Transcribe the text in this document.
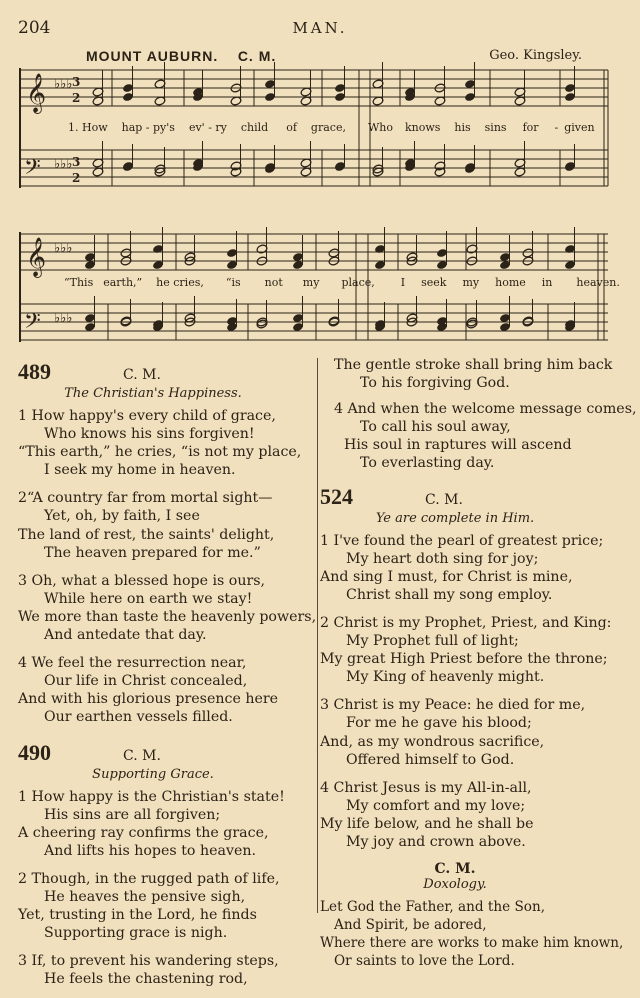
204	MAN.
MOUNT AUBURN. C. M.	Geo. Kingsley.
𝄞
𝄢
𝄞
𝄢
♭♭♭
♭♭♭
♭♭♭
♭♭♭
3
2
3
2
1. How hap - py's ev' - ry child of grace, Who knows his sins for - given
“This earth,” he cries, “is not my place, I seek my home in heaven.
489	C. M.
The Christian's Happiness.
1 How happy's every child of grace,
Who knows his sins forgiven!
“This earth,” he cries, “is not my place,
I seek my home in heaven.
2“A country far from mortal sight—
Yet, oh, by faith, I see
The land of rest, the saints' delight,
The heaven prepared for me.”
3 Oh, what a blessed hope is ours,
While here on earth we stay!
We more than taste the heavenly powers,
And antedate that day.
4 We feel the resurrection near,
Our life in Christ concealed,
And with his glorious presence here
Our earthen vessels filled.
490	C. M.
Supporting Grace.
1 How happy is the Christian's state!
His sins are all forgiven;
A cheering ray confirms the grace,
And lifts his hopes to heaven.
2 Though, in the rugged path of life,
He heaves the pensive sigh,
Yet, trusting in the Lord, he finds
Supporting grace is nigh.
3 If, to prevent his wandering steps,
He feels the chastening rod,
The gentle stroke shall bring him back
To his forgiving God.
4 And when the welcome message comes,
To call his soul away,
His soul in raptures will ascend
To everlasting day.
524	C. M.
Ye are complete in Him.
1 I've found the pearl of greatest price;
My heart doth sing for joy;
And sing I must, for Christ is mine,
Christ shall my song employ.
2 Christ is my Prophet, Priest, and King:
My Prophet full of light;
My great High Priest before the throne;
My King of heavenly might.
3 Christ is my Peace: he died for me,
For me he gave his blood;
And, as my wondrous sacrifice,
Offered himself to God.
4 Christ Jesus is my All-in-all,
My comfort and my love;
My life below, and he shall be
My joy and crown above.
C. M.
Doxology.
Let God the Father, and the Son,
And Spirit, be adored,
Where there are works to make him known,
Or saints to love the Lord.
